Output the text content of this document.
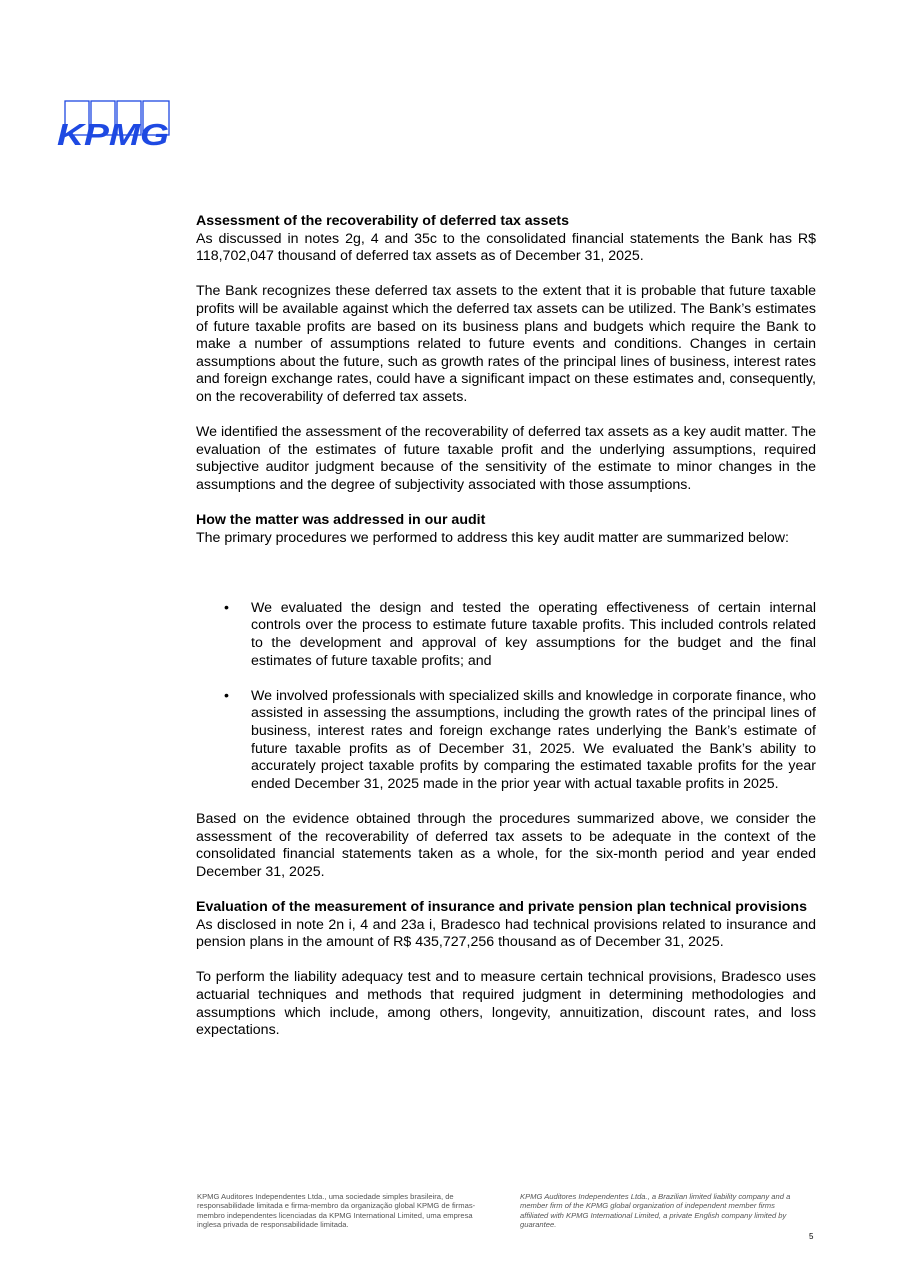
KPMG

Assessment of the recoverability of deferred tax assets
As discussed in notes 2g, 4 and 35c to the consolidated financial statements the Bank has R$ 118,702,047 thousand of deferred tax assets as of December 31, 2025.

The Bank recognizes these deferred tax assets to the extent that it is probable that future taxable profits will be available against which the deferred tax assets can be utilized. The Bank’s estimates of future taxable profits are based on its business plans and budgets which require the Bank to make a number of assumptions related to future events and conditions. Changes in certain assumptions about the future, such as growth rates of the principal lines of business, interest rates and foreign exchange rates, could have a significant impact on these estimates and, consequently, on the recoverability of deferred tax assets.

We identified the assessment of the recoverability of deferred tax assets as a key audit matter. The evaluation of the estimates of future taxable profit and the underlying assumptions, required subjective auditor judgment because of the sensitivity of the estimate to minor changes in the assumptions and the degree of subjectivity associated with those assumptions.

How the matter was addressed in our audit
The primary procedures we performed to address this key audit matter are summarized below:

• We evaluated the design and tested the operating effectiveness of certain internal controls over the process to estimate future taxable profits. This included controls related to the development and approval of key assumptions for the budget and the final estimates of future taxable profits; and
• We involved professionals with specialized skills and knowledge in corporate finance, who assisted in assessing the assumptions, including the growth rates of the principal lines of business, interest rates and foreign exchange rates underlying the Bank’s estimate of future taxable profits as of December 31, 2025. We evaluated the Bank’s ability to accurately project taxable profits by comparing the estimated taxable profits for the year ended December 31, 2025 made in the prior year with actual taxable profits in 2025.

Based on the evidence obtained through the procedures summarized above, we consider the assessment of the recoverability of deferred tax assets to be adequate in the context of the consolidated financial statements taken as a whole, for the six-month period and year ended December 31, 2025.

Evaluation of the measurement of insurance and private pension plan technical provisions
As disclosed in note 2n i, 4 and 23a i, Bradesco had technical provisions related to insurance and pension plans in the amount of R$ 435,727,256 thousand as of December 31, 2025.

To perform the liability adequacy test and to measure certain technical provisions, Bradesco uses actuarial techniques and methods that required judgment in determining methodologies and assumptions which include, among others, longevity, annuitization, discount rates, and loss expectations.

KPMG Auditores Independentes Ltda., uma sociedade simples brasileira, de responsabilidade limitada e firma-membro da organização global KPMG de firmas-membro independentes licenciadas da KPMG International Limited, uma empresa inglesa privada de responsabilidade limitada.
KPMG Auditores Independentes Ltda., a Brazilian limited liability company and a member firm of the KPMG global organization of independent member firms affiliated with KPMG International Limited, a private English company limited by guarantee.
5
